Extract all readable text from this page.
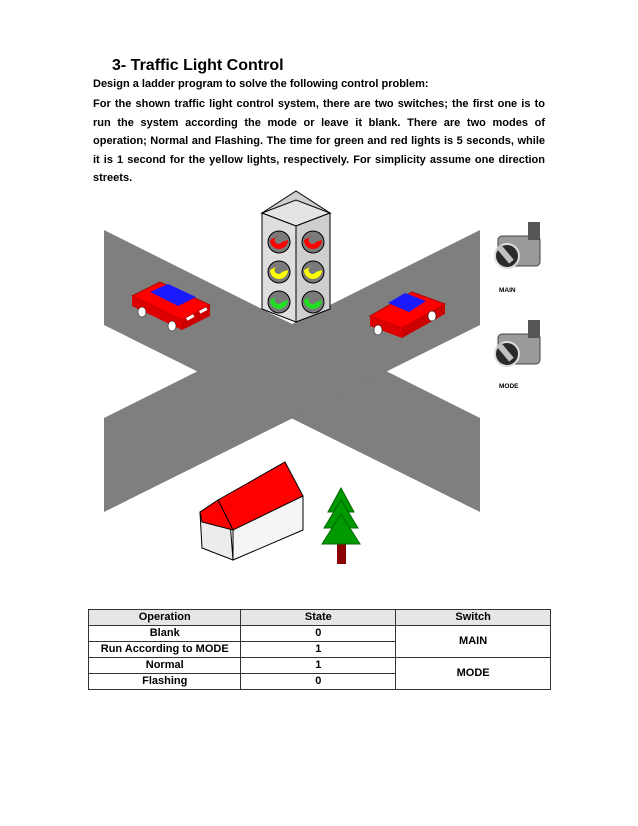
3- Traffic Light Control

Design a ladder program to solve the following control problem:

For the shown traffic light control system, there are two switches; the first one is to run the system according the mode or leave it blank. There are two modes of operation; Normal and Flashing. The time for green and red lights is 5 seconds, while it is 1 second for the yellow lights, respectively. For simplicity assume one direction streets.

MAIN
MODE
Operation	State	Switch
Blank	0	MAIN
Run According to MODE	1	
Normal	1	MODE
Flashing	0	
